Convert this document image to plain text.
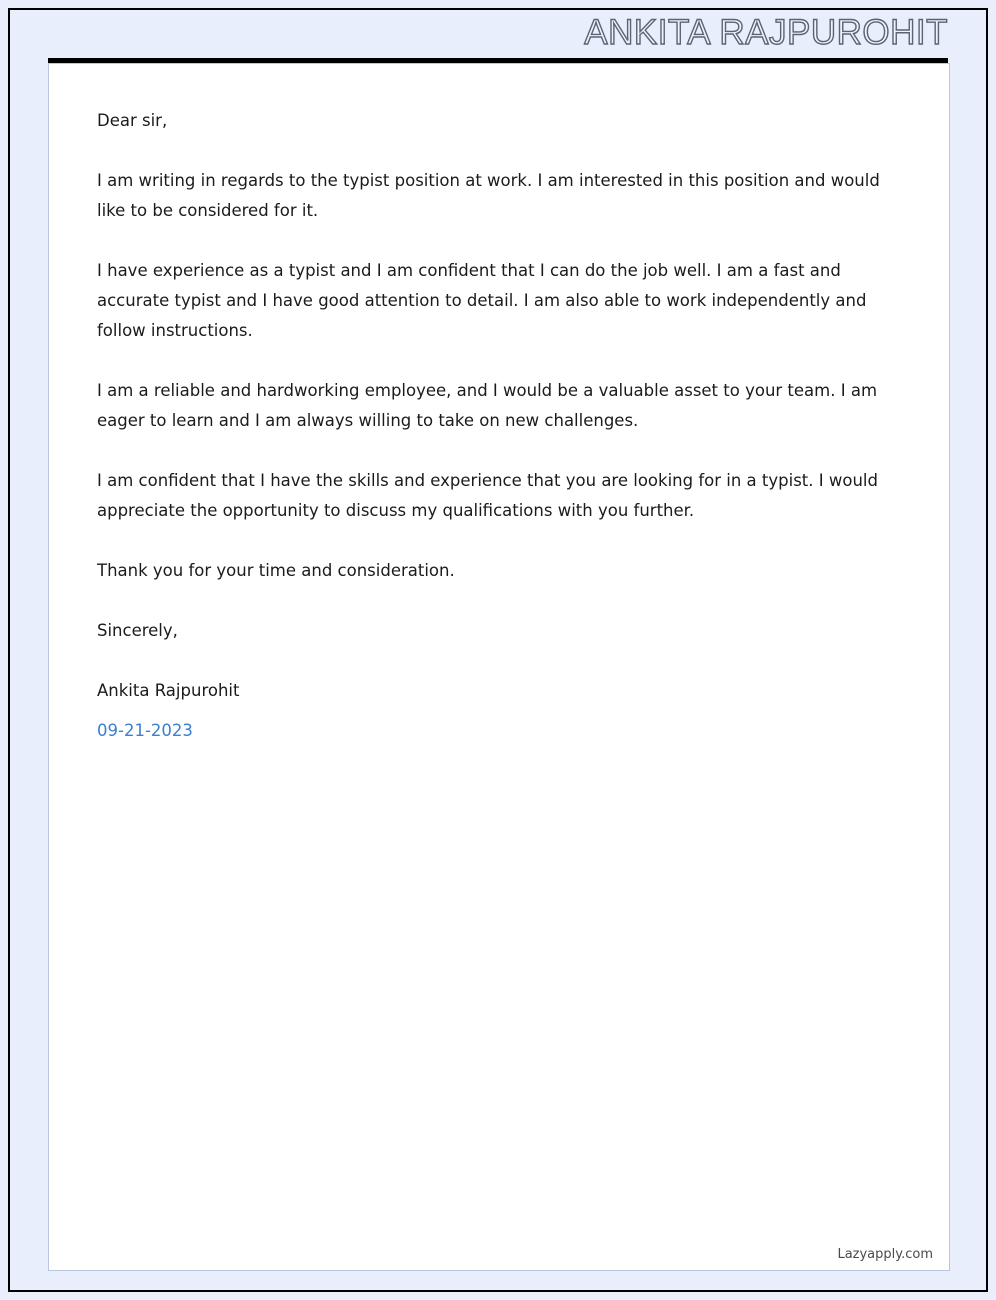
ANKITA RAJPUROHIT

Dear sir,

I am writing in regards to the typist position at work. I am interested in this position and would like to be considered for it.

I have experience as a typist and I am confident that I can do the job well. I am a fast and accurate typist and I have good attention to detail. I am also able to work independently and follow instructions.

I am a reliable and hardworking employee, and I would be a valuable asset to your team. I am eager to learn and I am always willing to take on new challenges.

I am confident that I have the skills and experience that you are looking for in a typist. I would appreciate the opportunity to discuss my qualifications with you further.

Thank you for your time and consideration.

Sincerely,

Ankita Rajpurohit

09-21-2023

Lazyapply.com
